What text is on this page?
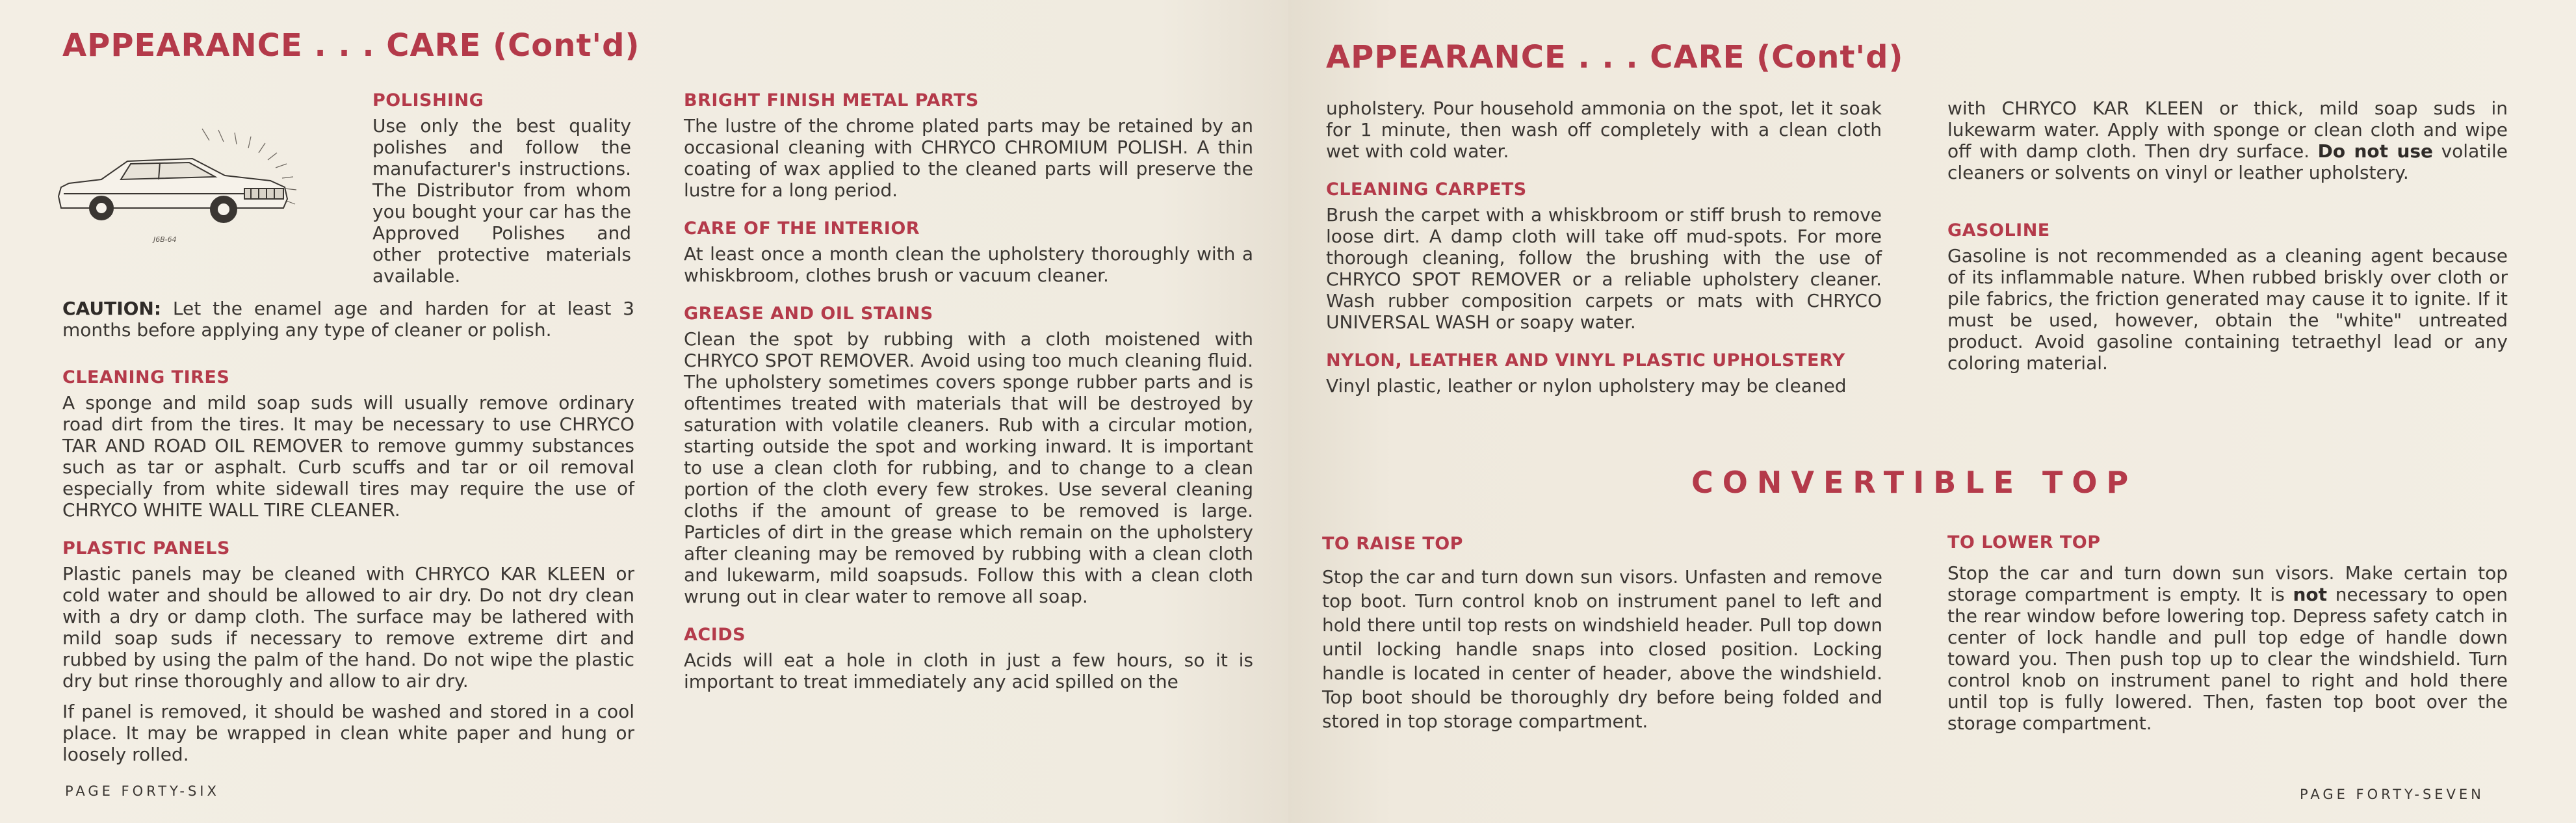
APPEARANCE . . . CARE (Cont'd)
J6B-64
POLISHING

Use only the best quality polishes and follow the manufacturer's instructions. The Distributor from whom you bought your car has the Approved Polishes and other protective materials available.

CAUTION: Let the enamel age and harden for at least 3 months before applying any type of cleaner or polish.

CLEANING TIRES

A sponge and mild soap suds will usually remove ordinary road dirt from the tires. It may be necessary to use CHRYCO TAR AND ROAD OIL REMOVER to remove gummy substances such as tar or asphalt. Curb scuffs and tar or oil removal especially from white sidewall tires may require the use of CHRYCO WHITE WALL TIRE CLEANER.

PLASTIC PANELS

Plastic panels may be cleaned with CHRYCO KAR KLEEN or cold water and should be allowed to air dry. Do not dry clean with a dry or damp cloth. The surface may be lathered with mild soap suds if necessary to remove extreme dirt and rubbed by using the palm of the hand. Do not wipe the plastic dry but rinse thoroughly and allow to air dry.

If panel is removed, it should be washed and stored in a cool place. It may be wrapped in clean white paper and hung or loosely rolled.

BRIGHT FINISH METAL PARTS

The lustre of the chrome plated parts may be retained by an occasional cleaning with CHRYCO CHROMIUM POLISH. A thin coating of wax applied to the cleaned parts will preserve the lustre for a long period.

CARE OF THE INTERIOR

At least once a month clean the upholstery thoroughly with a whiskbroom, clothes brush or vacuum cleaner.

GREASE AND OIL STAINS

Clean the spot by rubbing with a cloth moistened with CHRYCO SPOT REMOVER. Avoid using too much cleaning fluid. The upholstery sometimes covers sponge rubber parts and is oftentimes treated with materials that will be destroyed by saturation with volatile cleaners. Rub with a circular motion, starting outside the spot and working inward. It is important to use a clean cloth for rubbing, and to change to a clean portion of the cloth every few strokes. Use several cleaning cloths if the amount of grease to be removed is large. Particles of dirt in the grease which remain on the upholstery after cleaning may be removed by rubbing with a clean cloth and lukewarm, mild soapsuds. Follow this with a clean cloth wrung out in clear water to remove all soap.

ACIDS

Acids will eat a hole in cloth in just a few hours, so it is important to treat immediately any acid spilled on the

PAGE FORTY-SIX
APPEARANCE . . . CARE (Cont'd)

upholstery. Pour household ammonia on the spot, let it soak for 1 minute, then wash off completely with a clean cloth wet with cold water.

CLEANING CARPETS

Brush the carpet with a whiskbroom or stiff brush to remove loose dirt. A damp cloth will take off mud-spots. For more thorough cleaning, follow the brushing with the use of CHRYCO SPOT REMOVER or a reliable upholstery cleaner. Wash rubber composition carpets or mats with CHRYCO UNIVERSAL WASH or soapy water.

NYLON, LEATHER AND VINYL PLASTIC UPHOLSTERY

Vinyl plastic, leather or nylon upholstery may be cleaned

with CHRYCO KAR KLEEN or thick, mild soap suds in lukewarm water. Apply with sponge or clean cloth and wipe off with damp cloth. Then dry surface. Do not use volatile cleaners or solvents on vinyl or leather upholstery.

GASOLINE

Gasoline is not recommended as a cleaning agent because of its inflammable nature. When rubbed briskly over cloth or pile fabrics, the friction generated may cause it to ignite. If it must be used, however, obtain the "white" untreated product. Avoid gasoline containing tetraethyl lead or any coloring material.

CONVERTIBLE TOP
TO RAISE TOP

Stop the car and turn down sun visors. Unfasten and remove top boot. Turn control knob on instrument panel to left and hold there until top rests on windshield header. Pull top down until locking handle snaps into closed position. Locking handle is located in center of header, above the windshield. Top boot should be thoroughly dry before being folded and stored in top storage compartment.

TO LOWER TOP

Stop the car and turn down sun visors. Make certain top storage compartment is empty. It is not necessary to open the rear window before lowering top. Depress safety catch in center of lock handle and pull top edge of handle down toward you. Then push top up to clear the windshield. Turn control knob on instrument panel to right and hold there until top is fully lowered. Then, fasten top boot over the storage compartment.

PAGE FORTY-SEVEN
